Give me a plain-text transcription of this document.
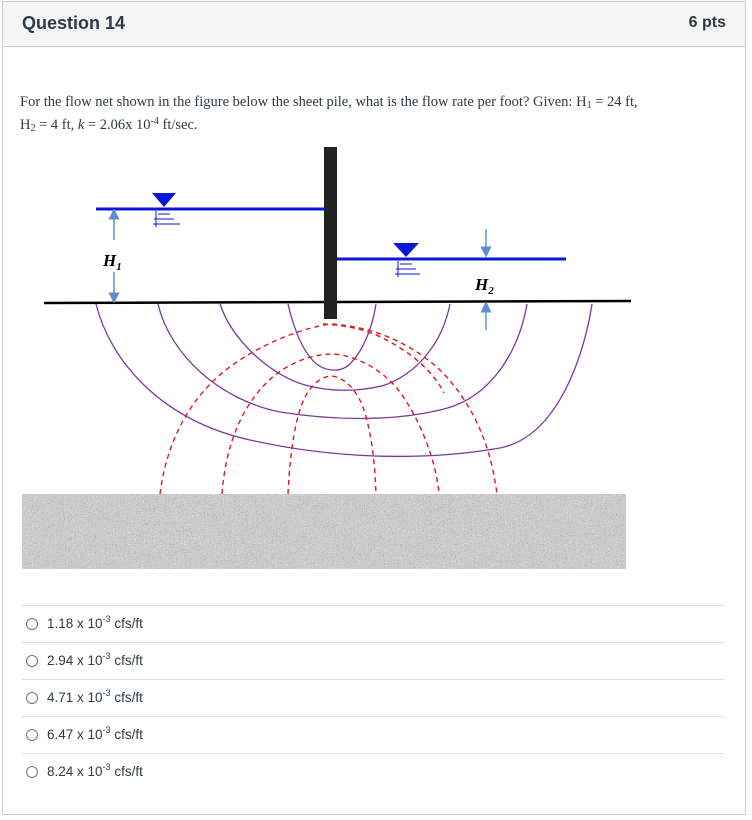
Question 14	6 pts
For the flow net shown in the figure below the sheet pile, what is the flow rate per foot? Given: $H_1 = 24$ ft,
$H_2 = 4$ ft, k = 2.06x $10^{-4}$ ft/sec.
$H_1$
$H_2$
1.18 x $10^{-3}$ cfs/ft
2.94 x $10^{-3}$ cfs/ft
4.71 x $10^{-3}$ cfs/ft
6.47 x $10^{-3}$ cfs/ft
8.24 x $10^{-3}$ cfs/ft
